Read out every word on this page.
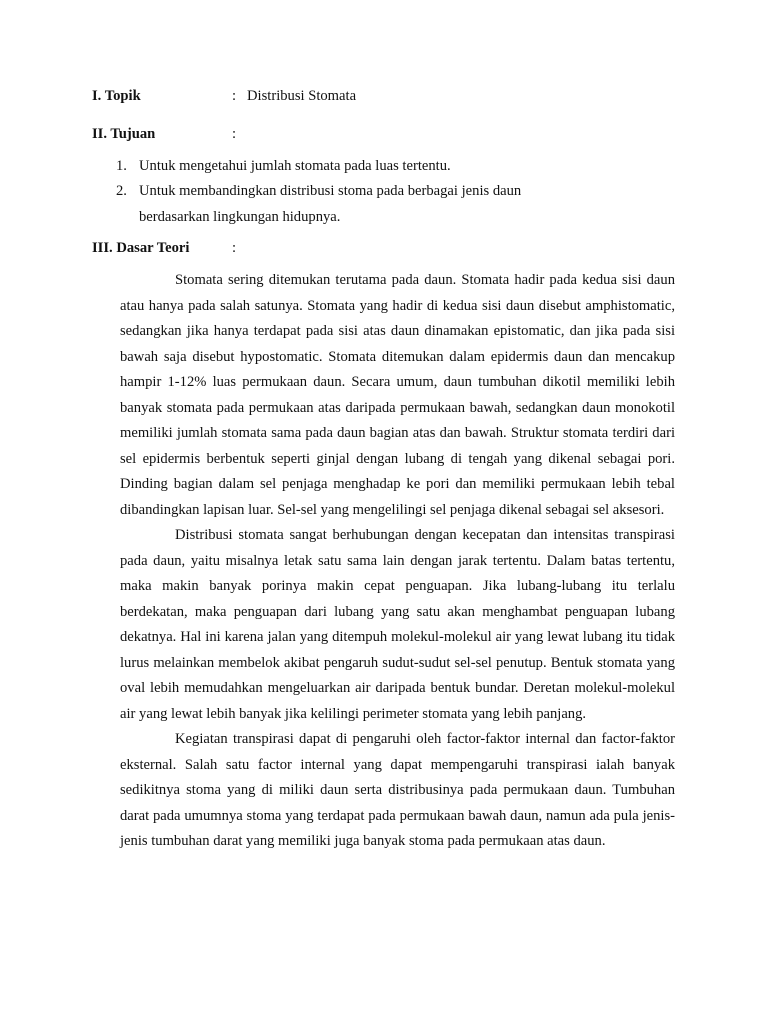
I. Topik	: Distribusi Stomata
II. Tujuan	:
1. Untuk mengetahui jumlah stomata pada luas tertentu.
2. Untuk membandingkan distribusi stoma pada berbagai jenis daun
berdasarkan lingkungan hidupnya.
III. Dasar Teori	:

Stomata sering ditemukan terutama pada daun. Stomata hadir pada kedua sisi daun atau hanya pada salah satunya. Stomata yang hadir di kedua sisi daun disebut amphistomatic, sedangkan jika hanya terdapat pada sisi atas daun dinamakan epistomatic, dan jika pada sisi bawah saja disebut hypostomatic. Stomata ditemukan dalam epidermis daun dan mencakup hampir 1-12% luas permukaan daun. Secara umum, daun tumbuhan dikotil memiliki lebih banyak stomata pada permukaan atas daripada permukaan bawah, sedangkan daun monokotil memiliki jumlah stomata sama pada daun bagian atas dan bawah. Struktur stomata terdiri dari sel epidermis berbentuk seperti ginjal dengan lubang di tengah yang dikenal sebagai pori. Dinding bagian dalam sel penjaga menghadap ke pori dan memiliki permukaan lebih tebal dibandingkan lapisan luar. Sel-sel yang mengelilingi sel penjaga dikenal sebagai sel aksesori.

Distribusi stomata sangat berhubungan dengan kecepatan dan intensitas transpirasi pada daun, yaitu misalnya letak satu sama lain dengan jarak tertentu. Dalam batas tertentu, maka makin banyak porinya makin cepat penguapan. Jika lubang-lubang itu terlalu berdekatan, maka penguapan dari lubang yang satu akan menghambat penguapan lubang dekatnya. Hal ini karena jalan yang ditempuh molekul-molekul air yang lewat lubang itu tidak lurus melainkan membelok akibat pengaruh sudut-sudut sel-sel penutup. Bentuk stomata yang oval lebih memudahkan mengeluarkan air daripada bentuk bundar. Deretan molekul-molekul air yang lewat lebih banyak jika kelilingi perimeter stomata yang lebih panjang.

Kegiatan transpirasi dapat di pengaruhi oleh factor-faktor internal dan factor-faktor eksternal. Salah satu factor internal yang dapat mempengaruhi transpirasi ialah banyak sedikitnya stoma yang di miliki daun serta distribusinya pada permukaan daun. Tumbuhan darat pada umumnya stoma yang terdapat pada permukaan bawah daun, namun ada pula jenis-jenis tumbuhan darat yang memiliki juga banyak stoma pada permukaan atas daun.
